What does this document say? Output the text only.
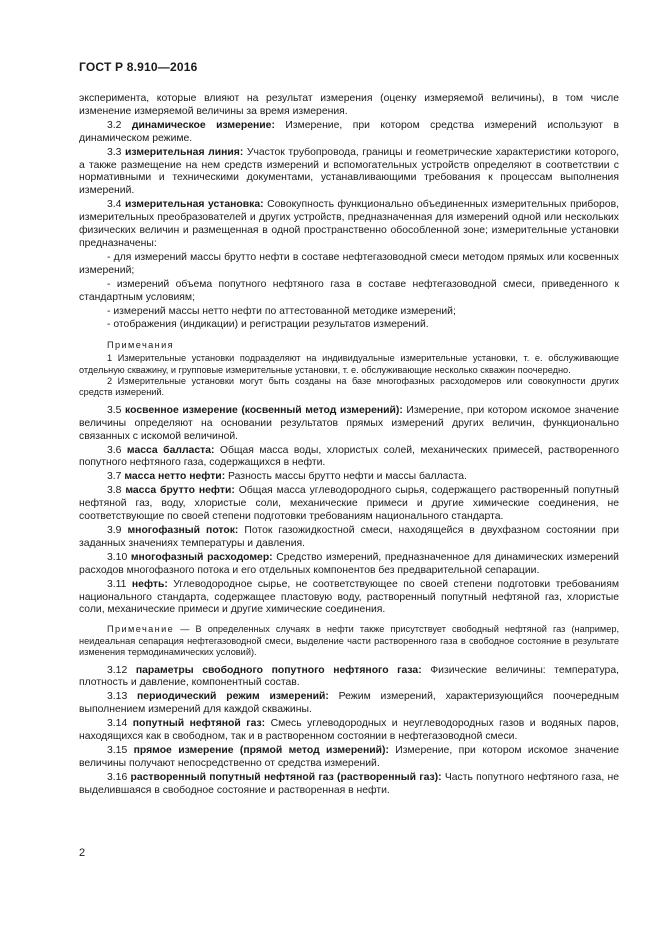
ГОСТ Р 8.910—2016

эксперимента, которые влияют на результат измерения (оценку измеряемой величины), в том числе изменение измеряемой величины за время измерения.

3.2 динамическое измерение: Измерение, при котором средства измерений используют в динамическом режиме.

3.3 измерительная линия: Участок трубопровода, границы и геометрические характеристики которого, а также размещение на нем средств измерений и вспомогательных устройств определяют в соответствии с нормативными и техническими документами, устанавливающими требования к процессам выполнения измерений.

3.4 измерительная установка: Совокупность функционально объединенных измерительных приборов, измерительных преобразователей и других устройств, предназначенная для измерений одной или нескольких физических величин и размещенная в одной пространственно обособленной зоне; измерительные установки предназначены:

- для измерений массы брутто нефти в составе нефтегазоводной смеси методом прямых или косвенных измерений;

- измерений объема попутного нефтяного газа в составе нефтегазоводной смеси, приведенного к стандартным условиям;

- измерений массы нетто нефти по аттестованной методике измерений;

- отображения (индикации) и регистрации результатов измерений.

Примечания

1 Измерительные установки подразделяют на индивидуальные измерительные установки, т. е. обслуживающие отдельную скважину, и групповые измерительные установки, т. е. обслуживающие несколько скважин поочередно.

2 Измерительные установки могут быть созданы на базе многофазных расходомеров или совокупности других средств измерений.

3.5 косвенное измерение (косвенный метод измерений): Измерение, при котором искомое значение величины определяют на основании результатов прямых измерений других величин, функционально связанных с искомой величиной.

3.6 масса балласта: Общая масса воды, хлористых солей, механических примесей, растворенного попутного нефтяного газа, содержащихся в нефти.

3.7 масса нетто нефти: Разность массы брутто нефти и массы балласта.

3.8 масса брутто нефти: Общая масса углеводородного сырья, содержащего растворенный попутный нефтяной газ, воду, хлористые соли, механические примеси и другие химические соединения, не соответствующие по своей степени подготовки требованиям национального стандарта.

3.9 многофазный поток: Поток газожидкостной смеси, находящейся в двухфазном состоянии при заданных значениях температуры и давления.

3.10 многофазный расходомер: Средство измерений, предназначенное для динамических измерений расходов многофазного потока и его отдельных компонентов без предварительной сепарации.

3.11 нефть: Углеводородное сырье, не соответствующее по своей степени подготовки требованиям национального стандарта, содержащее пластовую воду, растворенный попутный нефтяной газ, хлористые соли, механические примеси и другие химические соединения.

Примечание — В определенных случаях в нефти также присутствует свободный нефтяной газ (например, неидеальная сепарация нефтегазоводной смеси, выделение части растворенного газа в свободное состояние в результате изменения термодинамических условий).

3.12 параметры свободного попутного нефтяного газа: Физические величины: температура, плотность и давление, компонентный состав.

3.13 периодический режим измерений: Режим измерений, характеризующийся поочередным выполнением измерений для каждой скважины.

3.14 попутный нефтяной газ: Смесь углеводородных и неуглеводородных газов и водяных паров, находящихся как в свободном, так и в растворенном состоянии в нефтегазоводной смеси.

3.15 прямое измерение (прямой метод измерений): Измерение, при котором искомое значение величины получают непосредственно от средства измерений.

3.16 растворенный попутный нефтяной газ (растворенный газ): Часть попутного нефтяного газа, не выделившаяся в свободное состояние и растворенная в нефти.

2
